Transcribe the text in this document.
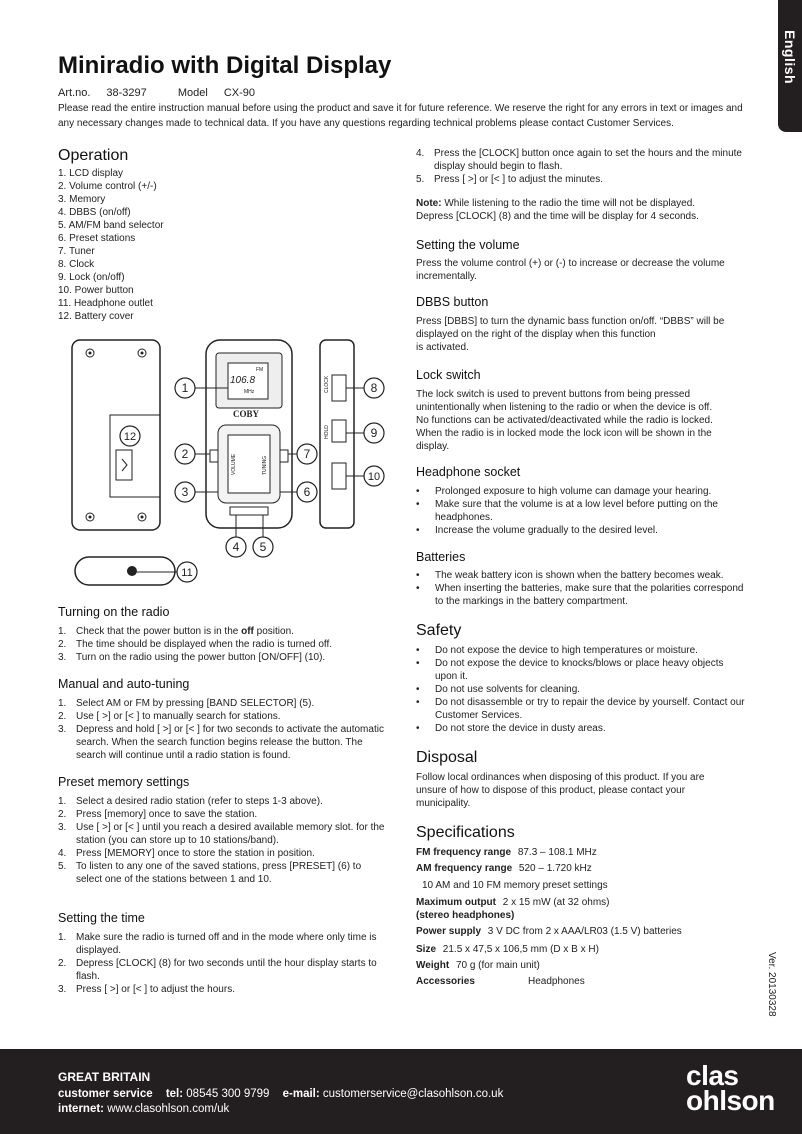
English
Miniradio with Digital Display
Art.no. 38-3297	Model CX-90
Please read the entire instruction manual before using the product and save it for future reference. We reserve the right for any errors in text or images and any necessary changes made to technical data. If you have any questions regarding technical problems please contact Customer Services.
Operation
1. LCD display
2. Volume control (+/-)
3. Memory
4. DBBS (on/off)
5. AM/FM band selector
6. Preset stations
7. Tuner
8. Clock
9. Lock (on/off)
10. Power button
11. Headphone outlet
12. Battery cover
106.8
FM
MHz
COBY
VOLUME	TUNING
CLOCK
HOLD
1
2
3
4 5
6
7
8
9
10
11
12
Turning on the radio
1. Check that the power button is in the off position.
2. The time should be displayed when the radio is turned off.
3. Turn on the radio using the power button [ON/OFF] (10).
Manual and auto-tuning
1. Select AM or FM by pressing [BAND SELECTOR] (5).
2. Use [ >] or [< ] to manually search for stations.
3. Depress and hold [ >] or [< ] for two seconds to activate the automatic search. When the search function begins release the button. The search will continue until a radio station is found.
Preset memory settings
1. Select a desired radio station (refer to steps 1-3 above).
2. Press [memory] once to save the station.
3. Use [ >] or [< ] until you reach a desired available memory slot. for the station (you can store up to 10 stations/band).
4. Press [MEMORY] once to store the station in position.
5. To listen to any one of the saved stations, press [PRESET] (6) to select one of the stations between 1 and 10.
Setting the time
1. Make sure the radio is turned off and in the mode where only time is displayed.
2. Depress [CLOCK] (8) for two seconds until the hour display starts to flash.
3. Press [ >] or [< ] to adjust the hours.
4. Press the [CLOCK] button once again to set the hours and the minute display should begin to flash.
5. Press [ >] or [< ] to adjust the minutes.
Note: While listening to the radio the time will not be displayed. Depress [CLOCK] (8) and the time will be display for 4 seconds.
Setting the volume
Press the volume control (+) or (-) to increase or decrease the volume incrementally.
DBBS button
Press [DBBS] to turn the dynamic bass function on/off. “DBBS” will be displayed on the right of the display when this function
is activated.
Lock switch
The lock switch is used to prevent buttons from being pressed unintentionally when listening to the radio or when the device is off. No functions can be activated/deactivated while the radio is locked. When the radio is in locked mode the lock icon will be shown in the display.
Headphone socket
• Prolonged exposure to high volume can damage your hearing.
• Make sure that the volume is at a low level before putting on the headphones.
• Increase the volume gradually to the desired level.
Batteries
• The weak battery icon is shown when the battery becomes weak.
• When inserting the batteries, make sure that the polarities correspond to the markings in the battery compartment.
Safety
• Do not expose the device to high temperatures or moisture.
• Do not expose the device to knocks/blows or place heavy objects upon it.
• Do not use solvents for cleaning.
• Do not disassemble or try to repair the device by yourself. Contact our Customer Services.
• Do not store the device in dusty areas.
Disposal
Follow local ordinances when disposing of this product. If you are unsure of how to dispose of this product, please contact your municipality.
Specifications
FM frequency range 87.3 – 108.1 MHz
AM frequency range 520 – 1.720 kHz
10 AM and 10 FM memory preset settings
Maximum output 2 x 15 mW (at 32 ohms)
(stereo headphones)
Power supply 3 V DC from 2 x AAA/LR03 (1.5 V) batteries
Size 21.5 x 47,5 x 106,5 mm (D x B x H)
Weight 70 g (for main unit)
Accessories	Headphones	Ver. 20130328
GREAT BRITAIN
customer service tel: 08545 300 9799 e-mail: customerservice@clasohlson.co.uk
internet: www.clasohlson.com/uk
clas
ohlson
